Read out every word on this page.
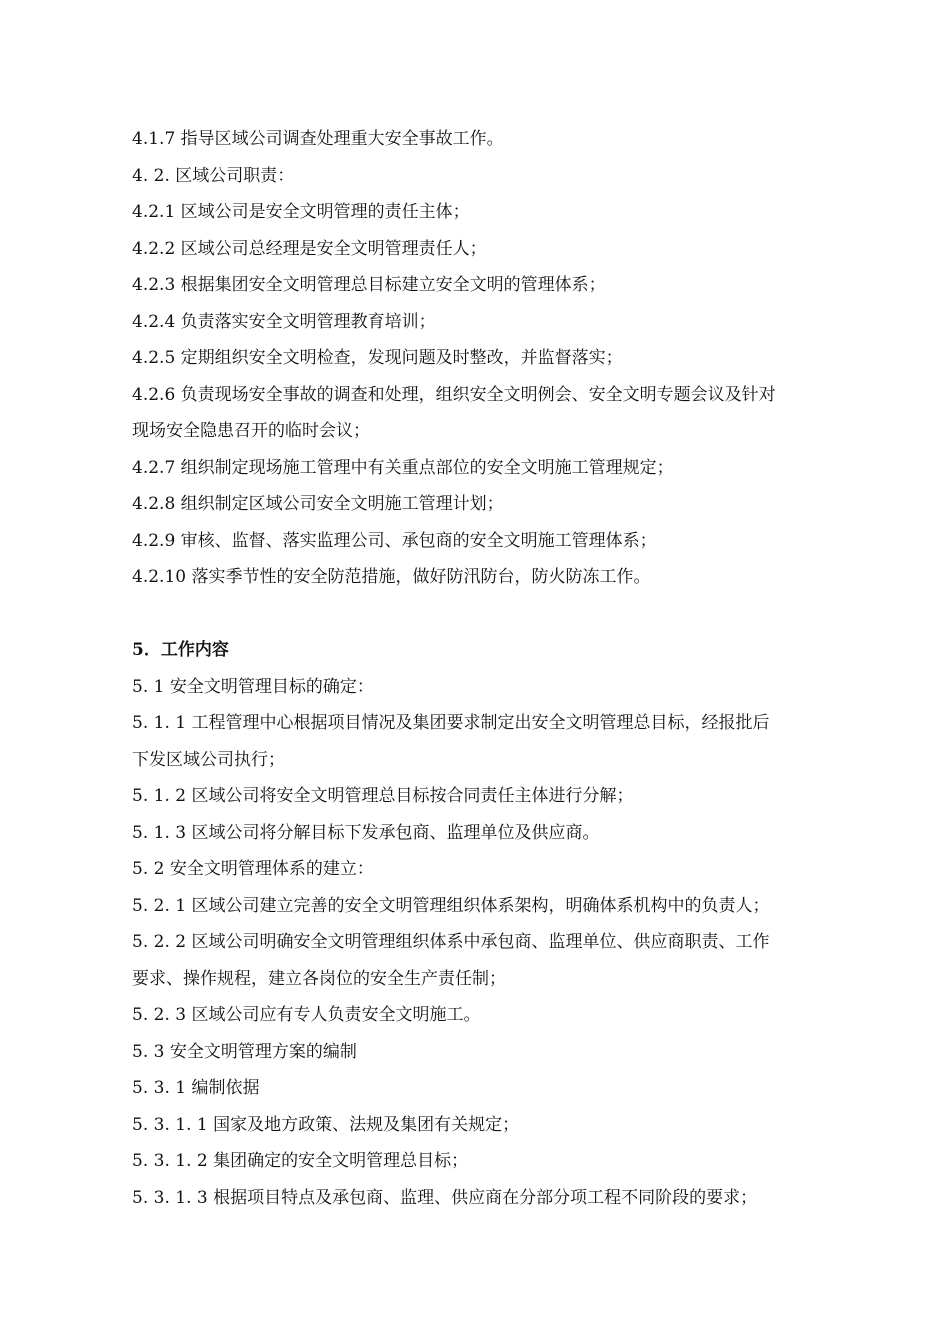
4.1.7 指导区域公司调查处理重大安全事故工作。
4. 2. 区域公司职责：
4.2.1 区域公司是安全文明管理的责任主体；
4.2.2 区域公司总经理是安全文明管理责任人；
4.2.3 根据集团安全文明管理总目标建立安全文明的管理体系；
4.2.4 负责落实安全文明管理教育培训；
4.2.5 定期组织安全文明检查，发现问题及时整改，并监督落实；
4.2.6 负责现场安全事故的调查和处理，组织安全文明例会、安全文明专题会议及针对
现场安全隐患召开的临时会议；
4.2.7 组织制定现场施工管理中有关重点部位的安全文明施工管理规定；
4.2.8 组织制定区域公司安全文明施工管理计划；
4.2.9 审核、监督、落实监理公司、承包商的安全文明施工管理体系；
4.2.10 落实季节性的安全防范措施，做好防汛防台，防火防冻工作。
5．工作内容
5. 1 安全文明管理目标的确定：
5. 1. 1 工程管理中心根据项目情况及集团要求制定出安全文明管理总目标，经报批后
下发区域公司执行；
5. 1. 2 区域公司将安全文明管理总目标按合同责任主体进行分解；
5. 1. 3 区域公司将分解目标下发承包商、监理单位及供应商。
5. 2 安全文明管理体系的建立：
5. 2. 1 区域公司建立完善的安全文明管理组织体系架构，明确体系机构中的负责人；
5. 2. 2 区域公司明确安全文明管理组织体系中承包商、监理单位、供应商职责、工作
要求、操作规程，建立各岗位的安全生产责任制；
5. 2. 3 区域公司应有专人负责安全文明施工。
5. 3 安全文明管理方案的编制
5. 3. 1 编制依据
5. 3. 1. 1 国家及地方政策、法规及集团有关规定；
5. 3. 1. 2 集团确定的安全文明管理总目标；
5. 3. 1. 3 根据项目特点及承包商、监理、供应商在分部分项工程不同阶段的要求；
